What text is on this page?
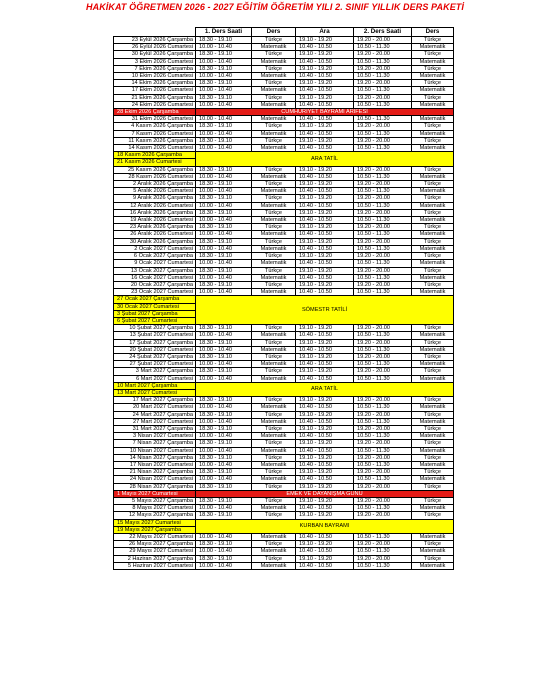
HAKİKAT ÖĞRETMEN 2026 - 2027 EĞİTİM ÖĞRETİM YILI 2. SINIF YILLIK DERS PAKETİ
	1. Ders Saati	Ders	Ara	2. Ders Saati	Ders
23 Eylül 2026 Çarşamba	18.30 - 19.10	Türkçe	19.10 - 19.20	19.20 - 20.00	Türkçe
26 Eylül 2026 Cumartesi	10.00 - 10.40	Matematik	10.40 - 10.50	10.50 - 11.30	Matematik
30 Eylül 2026 Çarşamba	18.30 - 19.10	Türkçe	19.10 - 19.20	19.20 - 20.00	Türkçe
3 Ekim 2026 Cumartesi	10.00 - 10.40	Matematik	10.40 - 10.50	10.50 - 11.30	Matematik
7 Ekim 2026 Çarşamba	18.30 - 19.10	Türkçe	19.10 - 19.20	19.20 - 20.00	Türkçe
10 Ekim 2026 Cumartesi	10.00 - 10.40	Matematik	10.40 - 10.50	10.50 - 11.30	Matematik
14 Ekim 2026 Çarşamba	18.30 - 19.10	Türkçe	19.10 - 19.20	19.20 - 20.00	Türkçe
17 Ekim 2026 Cumartesi	10.00 - 10.40	Matematik	10.40 - 10.50	10.50 - 11.30	Matematik
21 Ekim 2026 Çarşamba	18.30 - 19.10	Türkçe	19.10 - 19.20	19.20 - 20.00	Türkçe
24 Ekim 2026 Cumartesi	10.00 - 10.40	Matematik	10.40 - 10.50	10.50 - 11.30	Matematik
28 Ekim 2026 Çarşamba	CUMHURİYET BAYRAMI ARİFESİ				
31 Ekim 2026 Cumartesi	10.00 - 10.40	Matematik	10.40 - 10.50	10.50 - 11.30	Matematik
4 Kasım 2026 Çarşamba	18.30 - 19.10	Türkçe	19.10 - 19.20	19.20 - 20.00	Türkçe
7 Kasım 2026 Cumartesi	10.00 - 10.40	Matematik	10.40 - 10.50	10.50 - 11.30	Matematik
11 Kasım 2026 Çarşamba	18.30 - 19.10	Türkçe	19.10 - 19.20	19.20 - 20.00	Türkçe
14 Kasım 2026 Cumartesi	10.00 - 10.40	Matematik	10.40 - 10.50	10.50 - 11.30	Matematik
18 Kasım 2026 Çarşamba	ARA TATİL				
21 Kasım 2026 Cumartesi					
25 Kasım 2026 Çarşamba	18.30 - 19.10	Türkçe	19.10 - 19.20	19.20 - 20.00	Türkçe
28 Kasım 2026 Cumartesi	10.00 - 10.40	Matematik	10.40 - 10.50	10.50 - 11.30	Matematik
2 Aralık 2026 Çarşamba	18.30 - 19.10	Türkçe	19.10 - 19.20	19.20 - 20.00	Türkçe
5 Aralık 2026 Cumartesi	10.00 - 10.40	Matematik	10.40 - 10.50	10.50 - 11.30	Matematik
9 Aralık 2026 Çarşamba	18.30 - 19.10	Türkçe	19.10 - 19.20	19.20 - 20.00	Türkçe
12 Aralık 2026 Cumartesi	10.00 - 10.40	Matematik	10.40 - 10.50	10.50 - 11.30	Matematik
16 Aralık 2026 Çarşamba	18.30 - 19.10	Türkçe	19.10 - 19.20	19.20 - 20.00	Türkçe
19 Aralık 2026 Cumartesi	10.00 - 10.40	Matematik	10.40 - 10.50	10.50 - 11.30	Matematik
23 Aralık 2026 Çarşamba	18.30 - 19.10	Türkçe	19.10 - 19.20	19.20 - 20.00	Türkçe
26 Aralık 2026 Cumartesi	10.00 - 10.40	Matematik	10.40 - 10.50	10.50 - 11.30	Matematik
30 Aralık 2026 Çarşamba	18.30 - 19.10	Türkçe	19.10 - 19.20	19.20 - 20.00	Türkçe
2 Ocak 2027 Cumartesi	10.00 - 10.40	Matematik	10.40 - 10.50	10.50 - 11.30	Matematik
6 Ocak 2027 Çarşamba	18.30 - 19.10	Türkçe	19.10 - 19.20	19.20 - 20.00	Türkçe
9 Ocak 2027 Cumartesi	10.00 - 10.40	Matematik	10.40 - 10.50	10.50 - 11.30	Matematik
13 Ocak 2027 Çarşamba	18.30 - 19.10	Türkçe	19.10 - 19.20	19.20 - 20.00	Türkçe
16 Ocak 2027 Cumartesi	10.00 - 10.40	Matematik	10.40 - 10.50	10.50 - 11.30	Matematik
20 Ocak 2027 Çarşamba	18.30 - 19.10	Türkçe	19.10 - 19.20	19.20 - 20.00	Türkçe
23 Ocak 2027 Cumartesi	10.00 - 10.40	Matematik	10.40 - 10.50	10.50 - 11.30	Matematik
27 Ocak 2027 Çarşamba	SÖMESTR TATİLİ				
30 Ocak 2027 Cumartesi					
3 Şubat 2027 Çarşamba					
6 Şubat 2027 Cumartesi					
10 Şubat 2027 Çarşamba	18.30 - 19.10	Türkçe	19.10 - 19.20	19.20 - 20.00	Türkçe
13 Şubat 2027 Cumartesi	10.00 - 10.40	Matematik	10.40 - 10.50	10.50 - 11.30	Matematik
17 Şubat 2027 Çarşamba	18.30 - 19.10	Türkçe	19.10 - 19.20	19.20 - 20.00	Türkçe
20 Şubat 2027 Cumartesi	10.00 - 10.40	Matematik	10.40 - 10.50	10.50 - 11.30	Matematik
24 Şubat 2027 Çarşamba	18.30 - 19.10	Türkçe	19.10 - 19.20	19.20 - 20.00	Türkçe
27 Şubat 2027 Cumartesi	10.00 - 10.40	Matematik	10.40 - 10.50	10.50 - 11.30	Matematik
3 Mart 2027 Çarşamba	18.30 - 19.10	Türkçe	19.10 - 19.20	19.20 - 20.00	Türkçe
6 Mart 2027 Cumartesi	10.00 - 10.40	Matematik	10.40 - 10.50	10.50 - 11.30	Matematik
10 Mart 2027 Çarşamba	ARA TATİL				
13 Mart 2027 Cumartesi					
17 Mart 2027 Çarşamba	18.30 - 19.10	Türkçe	19.10 - 19.20	19.20 - 20.00	Türkçe
20 Mart 2027 Cumartesi	10.00 - 10.40	Matematik	10.40 - 10.50	10.50 - 11.30	Matematik
24 Mart 2027 Çarşamba	18.30 - 19.10	Türkçe	19.10 - 19.20	19.20 - 20.00	Türkçe
27 Mart 2027 Cumartesi	10.00 - 10.40	Matematik	10.40 - 10.50	10.50 - 11.30	Matematik
31 Mart 2027 Çarşamba	18.30 - 19.10	Türkçe	19.10 - 19.20	19.20 - 20.00	Türkçe
3 Nisan 2027 Cumartesi	10.00 - 10.40	Matematik	10.40 - 10.50	10.50 - 11.30	Matematik
7 Nisan 2027 Çarşamba	18.30 - 19.10	Türkçe	19.10 - 19.20	19.20 - 20.00	Türkçe
10 Nisan 2027 Cumartesi	10.00 - 10.40	Matematik	10.40 - 10.50	10.50 - 11.30	Matematik
14 Nisan 2027 Çarşamba	18.30 - 19.10	Türkçe	19.10 - 19.20	19.20 - 20.00	Türkçe
17 Nisan 2027 Cumartesi	10.00 - 10.40	Matematik	10.40 - 10.50	10.50 - 11.30	Matematik
21 Nisan 2027 Çarşamba	18.30 - 19.10	Türkçe	19.10 - 19.20	19.20 - 20.00	Türkçe
24 Nisan 2027 Cumartesi	10.00 - 10.40	Matematik	10.40 - 10.50	10.50 - 11.30	Matematik
28 Nisan 2027 Çarşamba	18.30 - 19.10	Türkçe	19.10 - 19.20	19.20 - 20.00	Türkçe
1 Mayıs 2027 Cumartesi	EMEK VE DAYANIŞMA GÜNÜ				
5 Mayıs 2027 Çarşamba	18.30 - 19.10	Türkçe	19.10 - 19.20	19.20 - 20.00	Türkçe
8 Mayıs 2027 Cumartesi	10.00 - 10.40	Matematik	10.40 - 10.50	10.50 - 11.30	Matematik
12 Mayıs 2027 Çarşamba	18.30 - 19.10	Türkçe	19.10 - 19.20	19.20 - 20.00	Türkçe
15 Mayıs 2027 Cumartesi	KURBAN BAYRAMI				
19 Mayıs 2027 Çarşamba					
22 Mayıs 2027 Cumartesi	10.00 - 10.40	Matematik	10.40 - 10.50	10.50 - 11.30	Matematik
26 Mayıs 2027 Çarşamba	18.30 - 19.10	Türkçe	19.10 - 19.20	19.20 - 20.00	Türkçe
29 Mayıs 2027 Cumartesi	10.00 - 10.40	Matematik	10.40 - 10.50	10.50 - 11.30	Matematik
2 Haziran 2027 Çarşamba	18.30 - 19.10	Türkçe	19.10 - 19.20	19.20 - 20.00	Türkçe
5 Haziran 2027 Cumartesi	10.00 - 10.40	Matematik	10.40 - 10.50	10.50 - 11.30	Matematik
